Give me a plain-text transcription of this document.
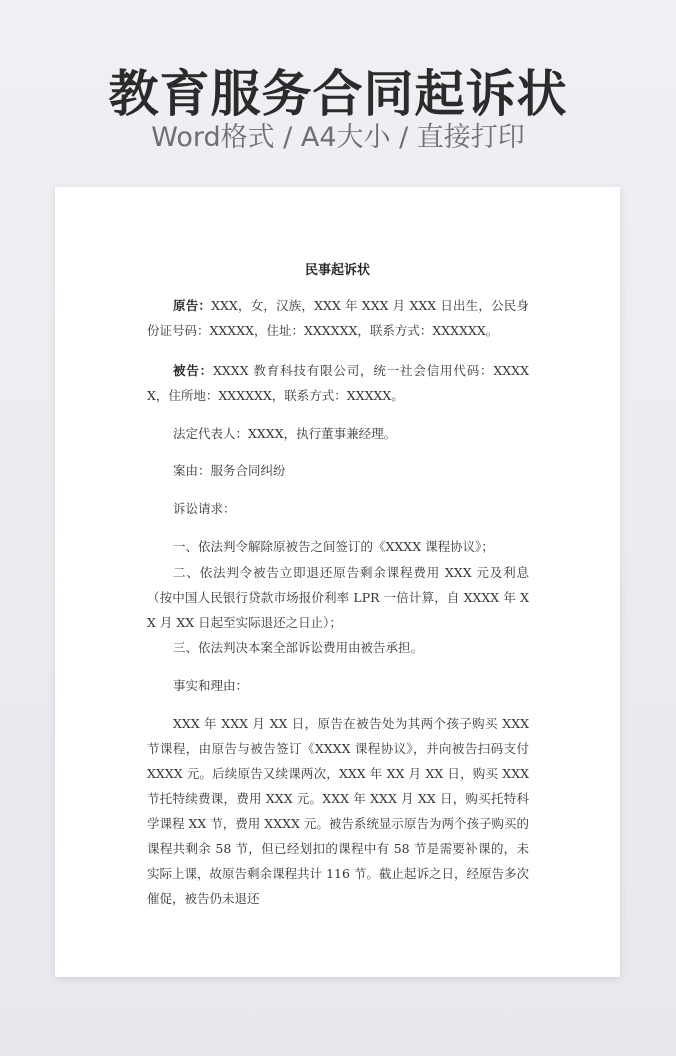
教育服务合同起诉状
Word格式 / A4大小 / 直接打印
民事起诉状
原告：XXX，女，汉族，XXX 年 XXX 月 XXX 日出生，公民身份证号码：XXXXX，住址：XXXXXX，联系方式：XXXXXX。
被告：XXXX 教育科技有限公司，统一社会信用代码：XXXXX，住所地：XXXXXX，联系方式：XXXXX。
法定代表人：XXXX，执行董事兼经理。
案由：服务合同纠纷
诉讼请求：
一、依法判令解除原被告之间签订的《XXXX 课程协议》；
二、依法判令被告立即退还原告剩余课程费用 XXX 元及利息（按中国人民银行贷款市场报价利率 LPR 一倍计算，自 XXXX 年 XX 月 XX 日起至实际退还之日止）；
三、依法判决本案全部诉讼费用由被告承担。
事实和理由：
XXX 年 XXX 月 XX 日，原告在被告处为其两个孩子购买 XXX 节课程，由原告与被告签订《XXXX 课程协议》，并向被告扫码支付 XXXX 元。后续原告又续课两次，XXX 年 XX 月 XX 日，购买 XXX 节托特续费课，费用 XXX 元。XXX 年 XXX 月 XX 日，购买托特科学课程 XX 节，费用 XXXX 元。被告系统显示原告为两个孩子购买的课程共剩余 58 节，但已经划扣的课程中有 58 节是需要补课的，未实际上课，故原告剩余课程共计 116 节。截止起诉之日，经原告多次催促，被告仍未退还
